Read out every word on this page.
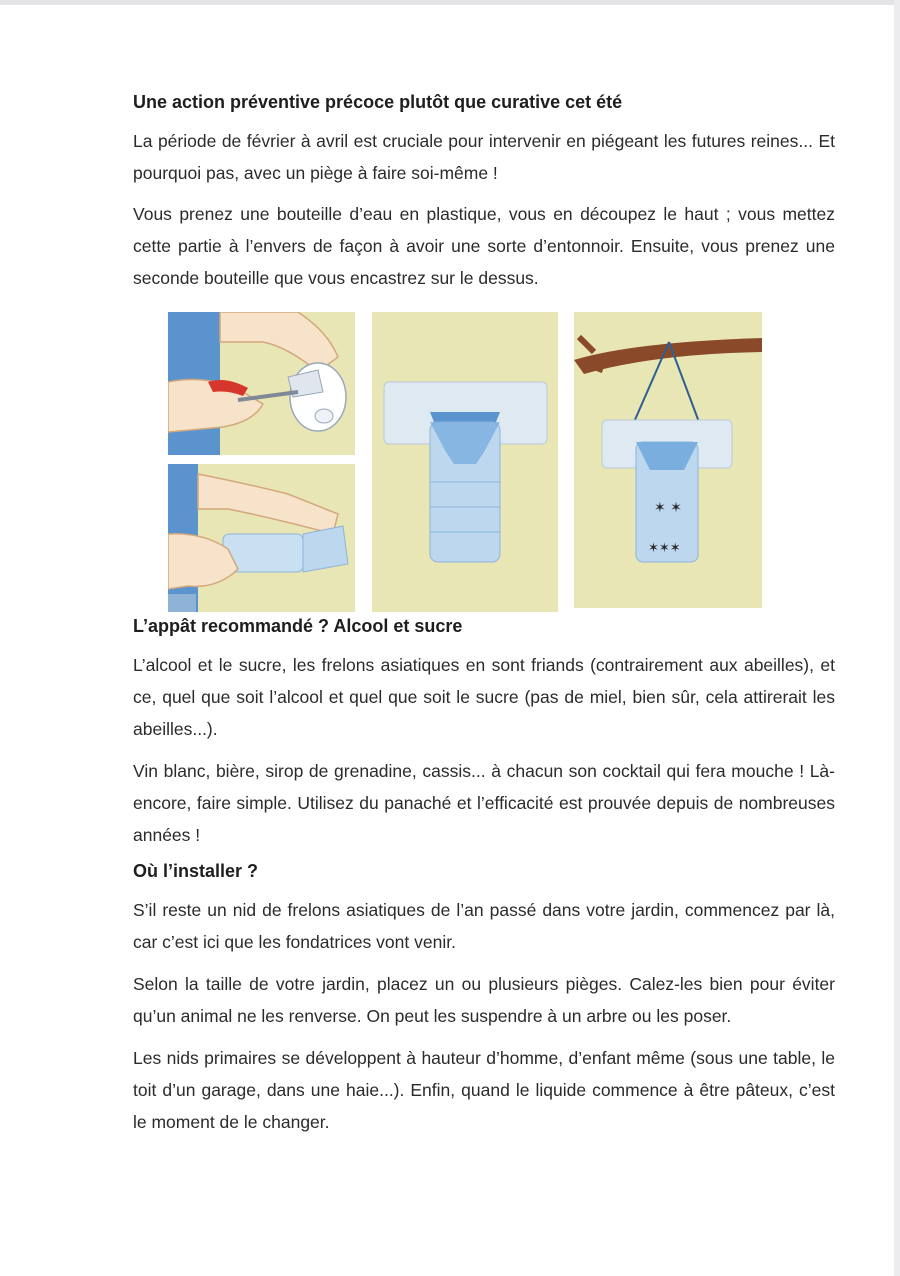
Une action préventive précoce plutôt que curative cet été

La période de février à avril est cruciale pour intervenir en piégeant les futures reines... Et pourquoi pas, avec un piège à faire soi-même !

Vous prenez une bouteille d’eau en plastique, vous en découpez le haut ; vous mettez cette partie à l’envers de façon à avoir une sorte d’entonnoir. Ensuite, vous prenez une seconde bouteille que vous encastrez sur le dessus.

✶ ✶
✶✶✶
L’appât recommandé ? Alcool et sucre

L’alcool et le sucre, les frelons asiatiques en sont friands (contrairement aux abeilles), et ce, quel que soit l’alcool et quel que soit le sucre (pas de miel, bien sûr, cela attirerait les abeilles...).

Vin blanc, bière, sirop de grenadine, cassis... à chacun son cocktail qui fera mouche ! Là-encore, faire simple. Utilisez du panaché et l’efficacité est prouvée depuis de nombreuses années !

Où l’installer ?

S’il reste un nid de frelons asiatiques de l’an passé dans votre jardin, commencez par là, car c’est ici que les fondatrices vont venir.

Selon la taille de votre jardin, placez un ou plusieurs pièges. Calez-les bien pour éviter qu’un animal ne les renverse. On peut les suspendre à un arbre ou les poser.

Les nids primaires se développent à hauteur d’homme, d’enfant même (sous une table, le toit d’un garage, dans une haie...). Enfin, quand le liquide commence à être pâteux, c’est le moment de le changer.
